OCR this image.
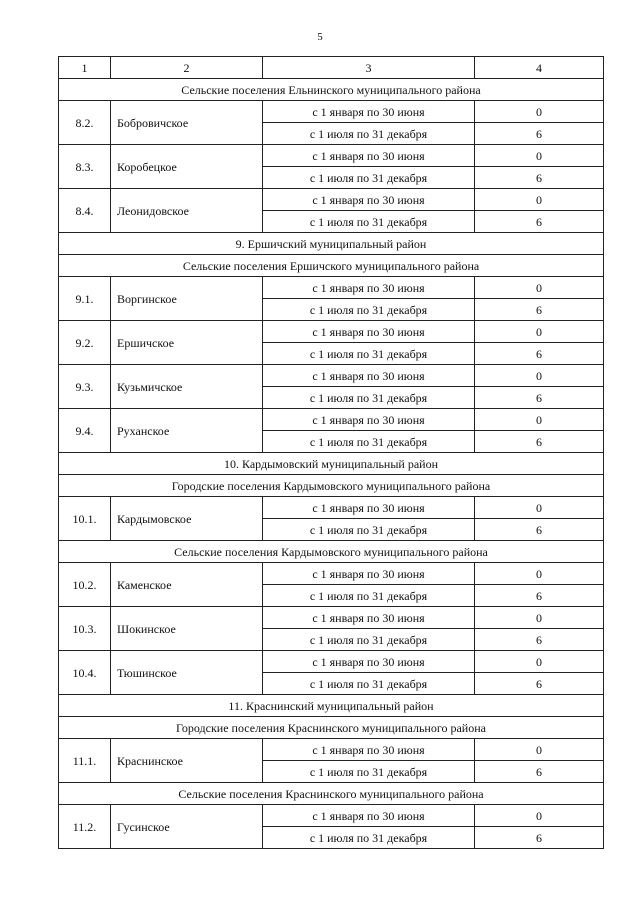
5
1	2	3	4
Сельские поселения Ельнинского муниципального района			
8.2.	Бобровичское	с 1 января по 30 июня	0
		с 1 июля по 31 декабря	6
8.3.	Коробецкое	с 1 января по 30 июня	0
		с 1 июля по 31 декабря	6
8.4.	Леонидовское	с 1 января по 30 июня	0
		с 1 июля по 31 декабря	6
9. Ершичский муниципальный район			
Сельские поселения Ершичского муниципального района			
9.1.	Воргинское	с 1 января по 30 июня	0
		с 1 июля по 31 декабря	6
9.2.	Ершичское	с 1 января по 30 июня	0
		с 1 июля по 31 декабря	6
9.3.	Кузьмичское	с 1 января по 30 июня	0
		с 1 июля по 31 декабря	6
9.4.	Руханское	с 1 января по 30 июня	0
		с 1 июля по 31 декабря	6
10. Кардымовский муниципальный район			
Городские поселения Кардымовского муниципального района			
10.1.	Кардымовское	с 1 января по 30 июня	0
		с 1 июля по 31 декабря	6
Сельские поселения Кардымовского муниципального района			
10.2.	Каменское	с 1 января по 30 июня	0
		с 1 июля по 31 декабря	6
10.3.	Шокинское	с 1 января по 30 июня	0
		с 1 июля по 31 декабря	6
10.4.	Тюшинское	с 1 января по 30 июня	0
		с 1 июля по 31 декабря	6
11. Краснинский муниципальный район			
Городские поселения Краснинского муниципального района			
11.1.	Краснинское	с 1 января по 30 июня	0
		с 1 июля по 31 декабря	6
Сельские поселения Краснинского муниципального района			
11.2.	Гусинское	с 1 января по 30 июня	0
		с 1 июля по 31 декабря	6
